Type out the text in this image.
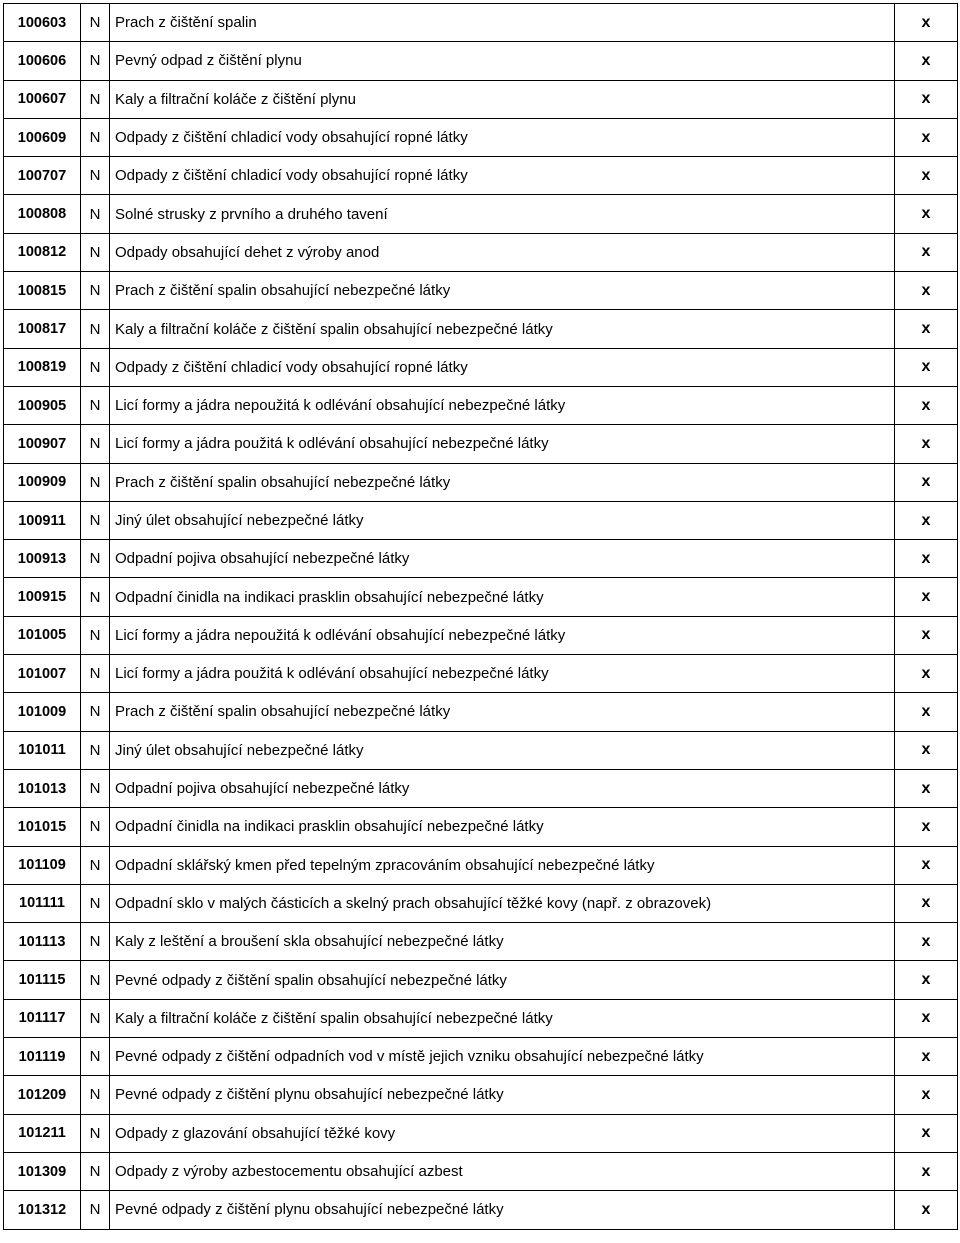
100603	N	Prach z čištění spalin	x
100606	N	Pevný odpad z čištění plynu	x
100607	N	Kaly a filtrační koláče z čištění plynu	x
100609	N	Odpady z čištění chladicí vody obsahující ropné látky	x
100707	N	Odpady z čištění chladicí vody obsahující ropné látky	x
100808	N	Solné strusky z prvního a druhého tavení	x
100812	N	Odpady obsahující dehet z výroby anod	x
100815	N	Prach z čištění spalin obsahující nebezpečné látky	x
100817	N	Kaly a filtrační koláče z čištění spalin obsahující nebezpečné látky	x
100819	N	Odpady z čištění chladicí vody obsahující ropné látky	x
100905	N	Licí formy a jádra nepoužitá k odlévání obsahující nebezpečné látky	x
100907	N	Licí formy a jádra použitá k odlévání obsahující nebezpečné látky	x
100909	N	Prach z čištění spalin obsahující nebezpečné látky	x
100911	N	Jiný úlet obsahující nebezpečné látky	x
100913	N	Odpadní pojiva obsahující nebezpečné látky	x
100915	N	Odpadní činidla na indikaci prasklin obsahující nebezpečné látky	x
101005	N	Licí formy a jádra nepoužitá k odlévání obsahující nebezpečné látky	x
101007	N	Licí formy a jádra použitá k odlévání obsahující nebezpečné látky	x
101009	N	Prach z čištění spalin obsahující nebezpečné látky	x
101011	N	Jiný úlet obsahující nebezpečné látky	x
101013	N	Odpadní pojiva obsahující nebezpečné látky	x
101015	N	Odpadní činidla na indikaci prasklin obsahující nebezpečné látky	x
101109	N	Odpadní sklářský kmen před tepelným zpracováním obsahující nebezpečné látky	x
101111	N	Odpadní sklo v malých částicích a skelný prach obsahující těžké kovy (např. z obrazovek)	x
101113	N	Kaly z leštění a broušení skla obsahující nebezpečné látky	x
101115	N	Pevné odpady z čištění spalin obsahující nebezpečné látky	x
101117	N	Kaly a filtrační koláče z čištění spalin obsahující nebezpečné látky	x
101119	N	Pevné odpady z čištění odpadních vod v místě jejich vzniku obsahující nebezpečné látky	x
101209	N	Pevné odpady z čištění plynu obsahující nebezpečné látky	x
101211	N	Odpady z glazování obsahující těžké kovy	x
101309	N	Odpady z výroby azbestocementu obsahující azbest	x
101312	N	Pevné odpady z čištění plynu obsahující nebezpečné látky	x
